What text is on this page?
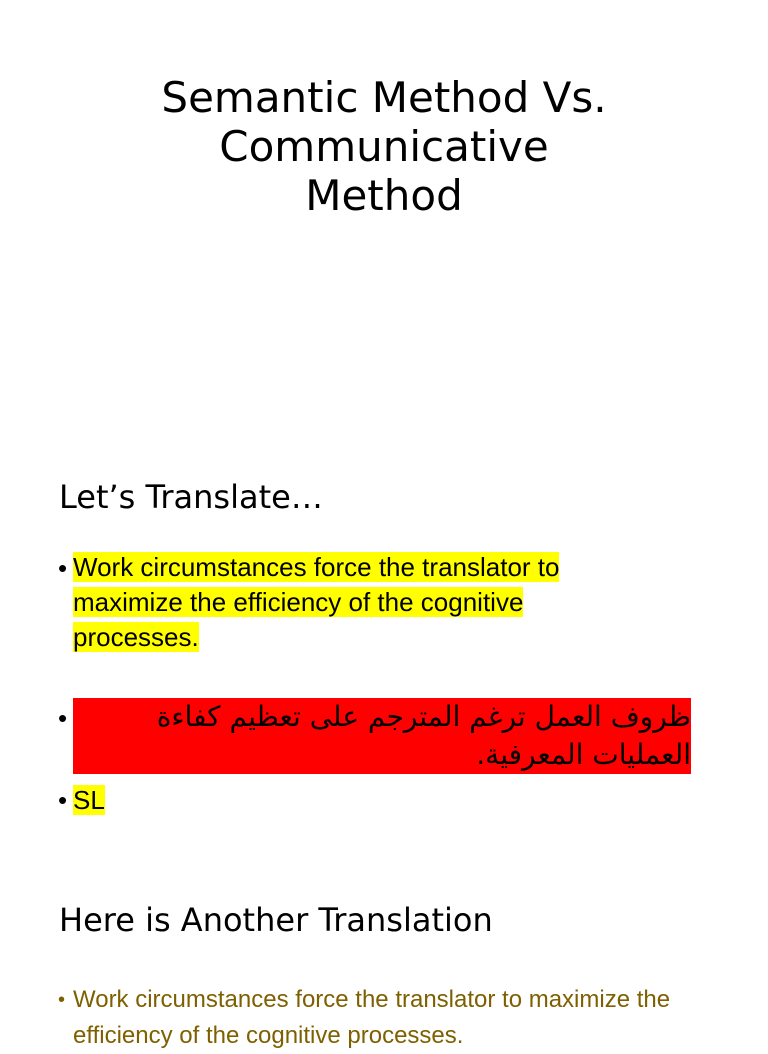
Semantic Method Vs.
Communicative
Method
Let’s Translate…
• Work circumstances force the translator to maximize the efficiency of the cognitive processes.
•	ظروف العمل ترغم المترجم على تعظيم كفاءة العمليات المعرفية.
• SL
Here is Another Translation
• Work circumstances force the translator to maximize the efficiency of the cognitive processes.
